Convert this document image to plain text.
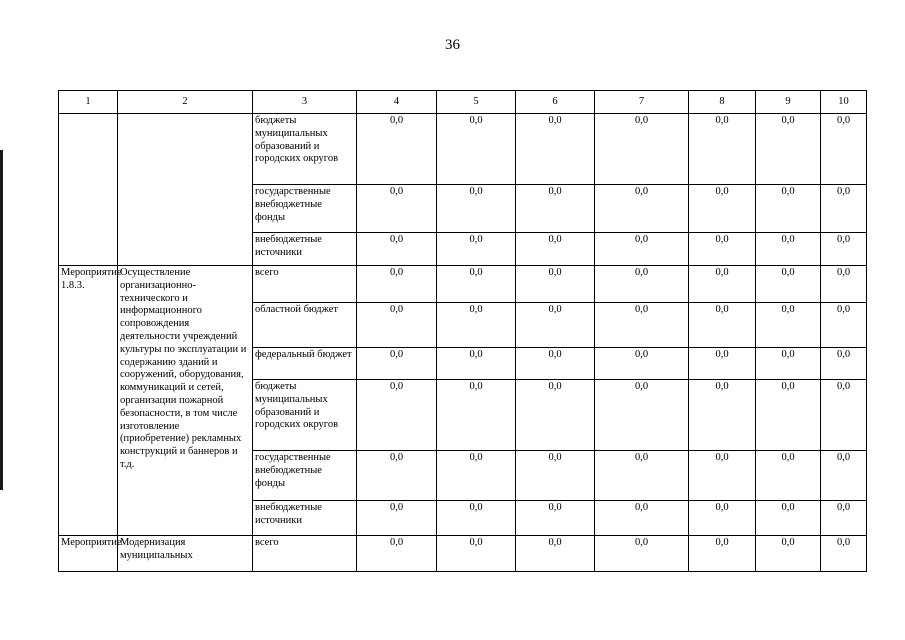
36
1	2	3	4	5	6	7	8	9	10
		бюджеты муниципальных образований и городских округов	0,0	0,0	0,0	0,0	0,0	0,0	0,0
		государственные внебюджетные фонды	0,0	0,0	0,0	0,0	0,0	0,0	0,0
		внебюджетные источники	0,0	0,0	0,0	0,0	0,0	0,0	0,0
Мероприятие 1.8.3.	Осуществление организационно-технического и информационного сопровождения деятельности учреждений культуры по эксплуатации и содержанию зданий и сооружений, оборудования, коммуникаций и сетей, организации пожарной безопасности, в том числе изготовление (приобретение) рекламных конструкций и баннеров и т.д.	всего	0,0	0,0	0,0	0,0	0,0	0,0	0,0
		областной бюджет	0,0	0,0	0,0	0,0	0,0	0,0	0,0
		федеральный бюджет	0,0	0,0	0,0	0,0	0,0	0,0	0,0
		бюджеты муниципальных образований и городских округов	0,0	0,0	0,0	0,0	0,0	0,0	0,0
		государственные внебюджетные фонды	0,0	0,0	0,0	0,0	0,0	0,0	0,0
		внебюджетные источники	0,0	0,0	0,0	0,0	0,0	0,0	0,0
Мероприятие	Модернизация муниципальных	всего	0,0	0,0	0,0	0,0	0,0	0,0	0,0
